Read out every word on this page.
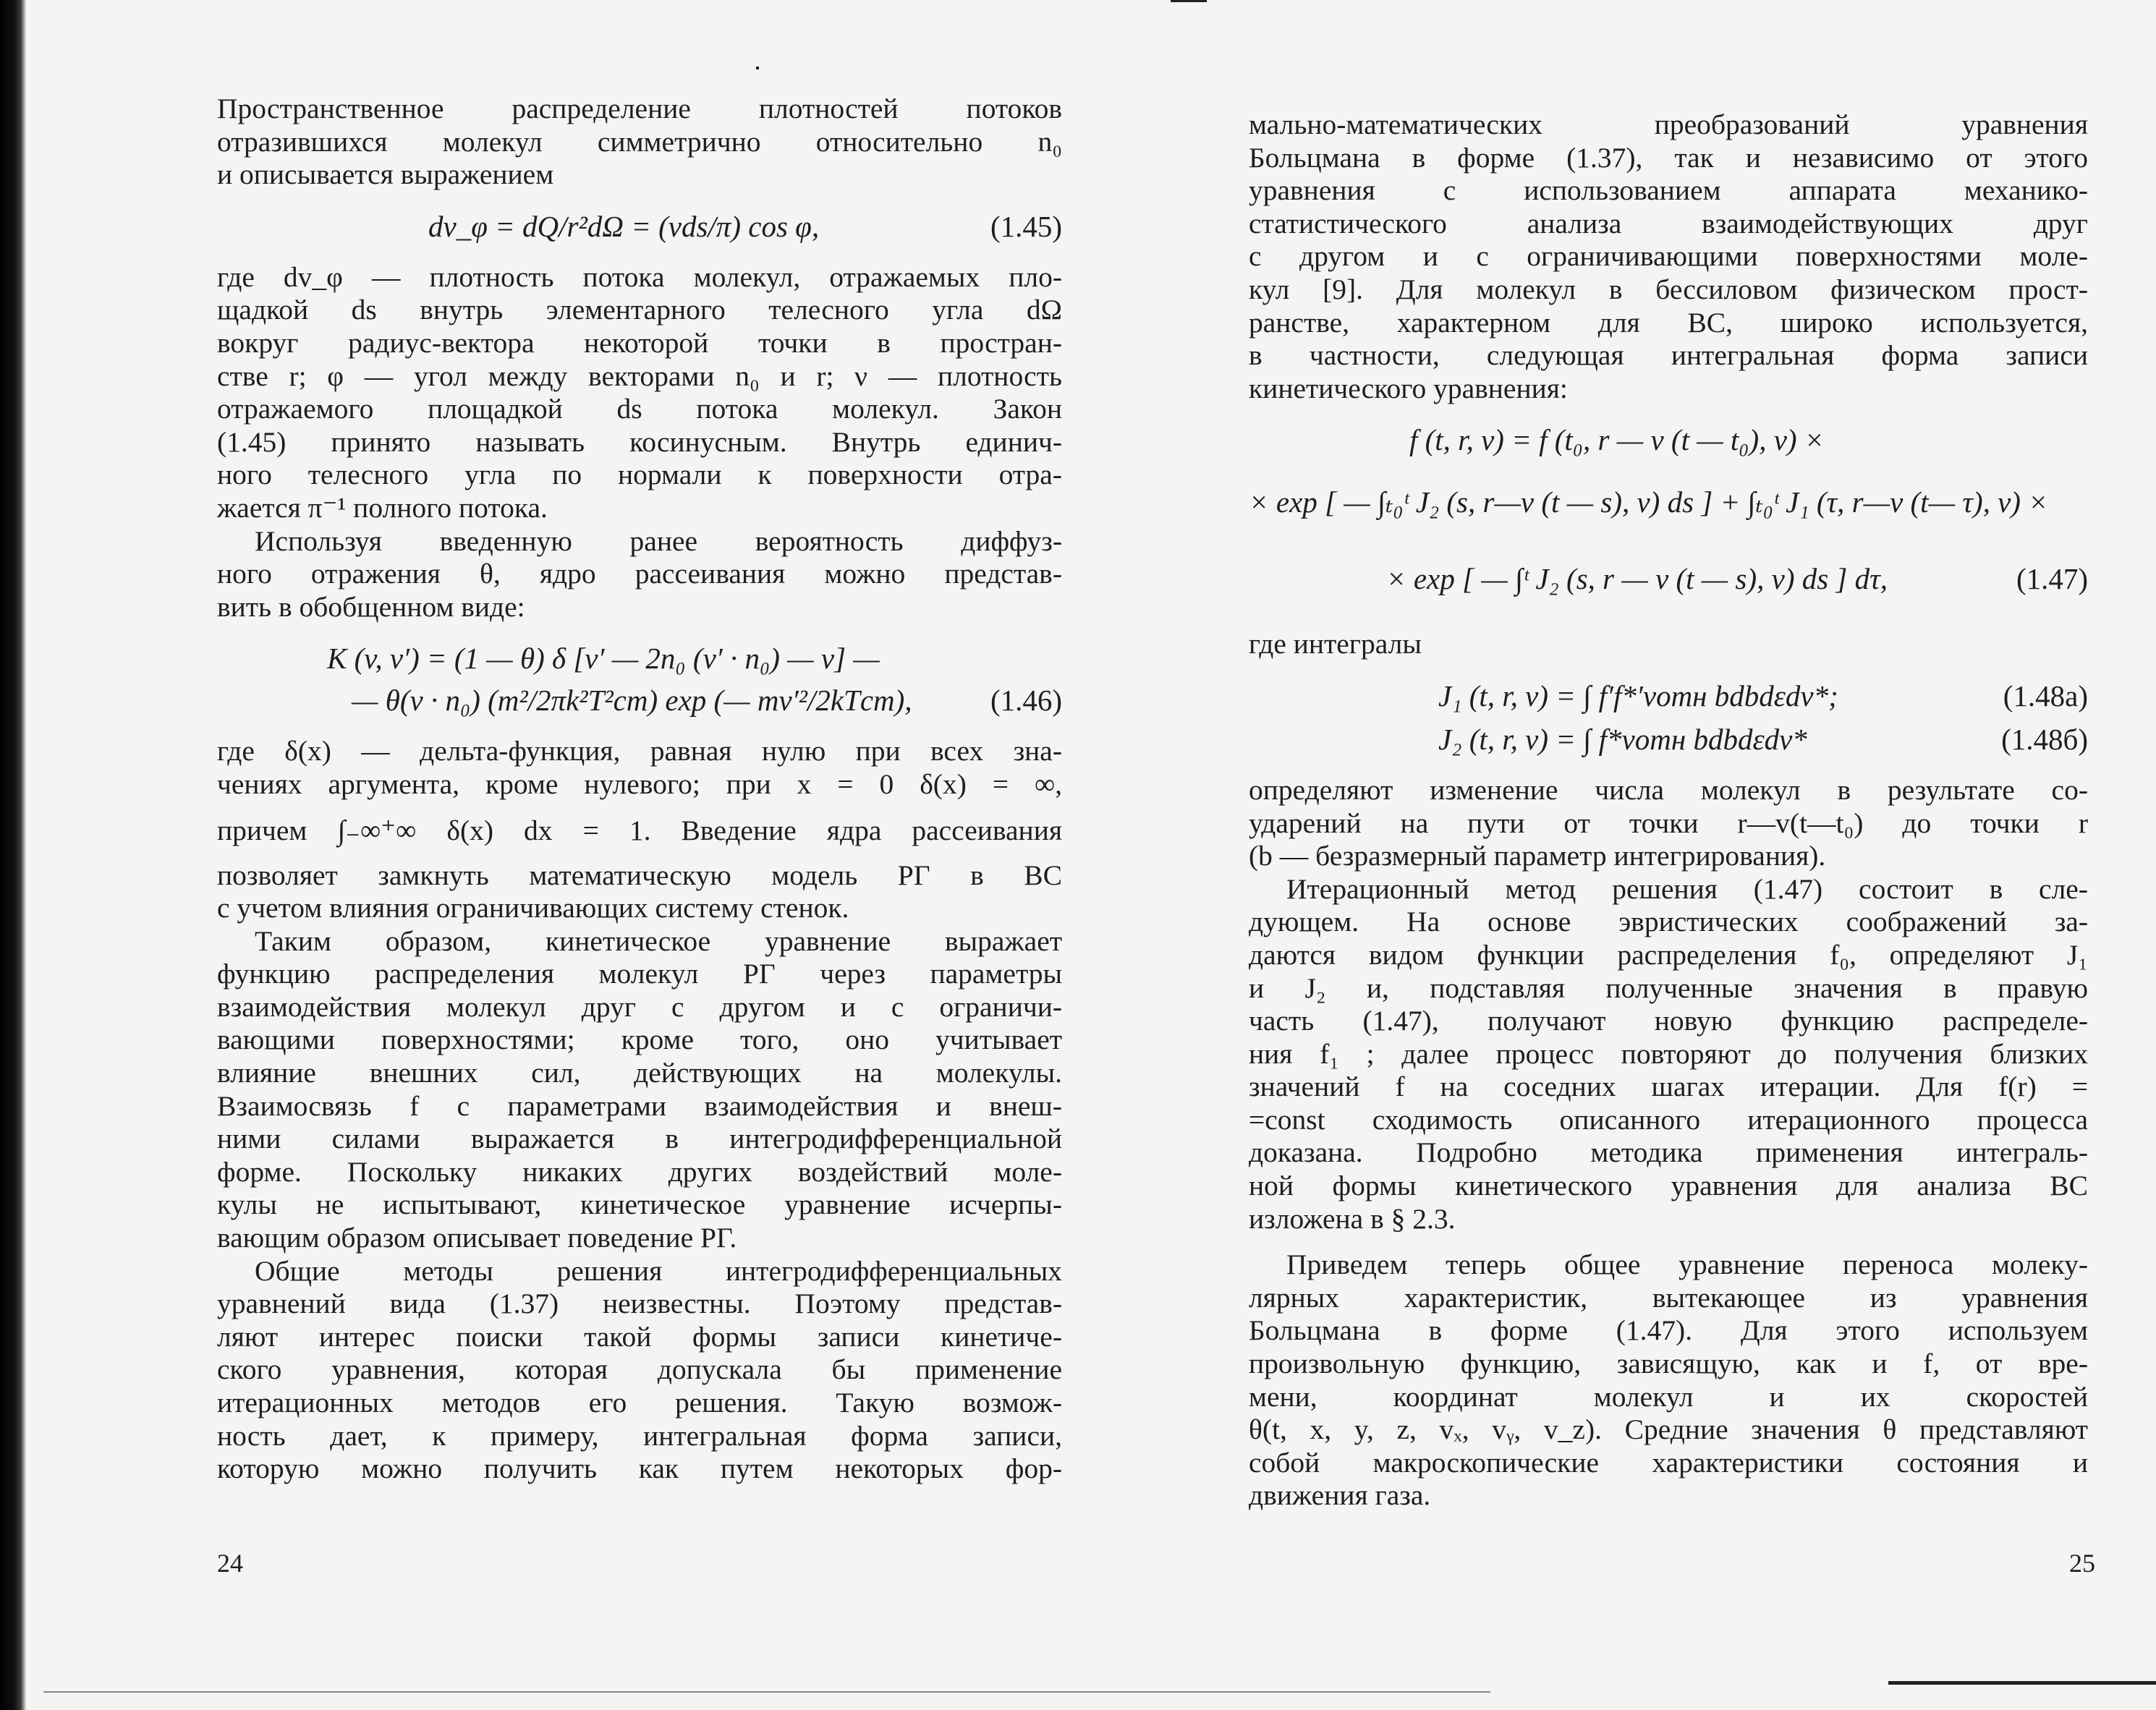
Пространственное распределение плотностей потоков
отразившихся молекул симметрично относительно n₀
и описывается выражением
dv_φ = dQ/r²dΩ = (vds/π) cos φ,	(1.45)
где dv_φ — плотность потока молекул, отражаемых пло-
щадкой ds внутрь элементарного телесного угла dΩ
вокруг радиус-вектора некоторой точки в простран-
стве r; φ — угол между векторами n₀ и r; ν — плотность
отражаемого площадкой ds потока молекул. Закон
(1.45) принято называть косинусным. Внутрь единич-
ного телесного угла по нормали к поверхности отра-
жается π⁻¹ полного потока.
Используя введенную ранее вероятность диффуз-
ного отражения θ, ядро рассеивания можно представ-
вить в обобщенном виде:
K (v, v′) = (1 — θ) δ [v′ — 2n₀ (v′ · n₀) — v] —
— θ(v · n₀) (m²/2πk²T²ст) exp (— mv′²/2kTст),	(1.46)
где δ(x) — дельта-функция, равная нулю при всех зна-
чениях аргумента, кроме нулевого; при x = 0 δ(x) = ∞,
причем ∫₋∞⁺∞ δ(x) dx = 1. Введение ядра рассеивания
позволяет замкнуть математическую модель РГ в ВС
с учетом влияния ограничивающих систему стенок.
Таким образом, кинетическое уравнение выражает
функцию распределения молекул РГ через параметры
взаимодействия молекул друг с другом и с ограничи-
вающими поверхностями; кроме того, оно учитывает
влияние внешних сил, действующих на молекулы.
Взаимосвязь f с параметрами взаимодействия и внеш-
ними силами выражается в интегродифференциальной
форме. Поскольку никаких других воздействий моле-
кулы не испытывают, кинетическое уравнение исчерпы-
вающим образом описывает поведение РГ.
Общие методы решения интегродифференциальных
уравнений вида (1.37) неизвестны. Поэтому представ-
ляют интерес поиски такой формы записи кинетиче-
ского уравнения, которая допускала бы применение
итерационных методов его решения. Такую возмож-
ность дает, к примеру, интегральная форма записи,
которую можно получить как путем некоторых фор-
24
мально-математических преобразований уравнения
Больцмана в форме (1.37), так и независимо от этого
уравнения с использованием аппарата механико-
статистического анализа взаимодействующих друг
с другом и с ограничивающими поверхностями моле-
кул [9]. Для молекул в бессиловом физическом прост-
ранстве, характерном для ВС, широко используется,
в частности, следующая интегральная форма записи
кинетического уравнения:
f (t, r, v) = f (t₀, r — v (t — t₀), v) ×
× exp [ — ∫ₜ₀ᵗ J₂ (s, r—v (t — s), v) ds ] + ∫ₜ₀ᵗ J₁ (τ, r—v (t— τ), v) ×
× exp [ — ∫ᵗ J₂ (s, r — v (t — s), v) ds ] dτ,	(1.47)
где интегралы
J₁ (t, r, v) = ∫ f′f*′vотн bdbdεdv*;	(1.48а)
J₂ (t, r, v) = ∫ f*vотн bdbdεdv*	(1.48б)
определяют изменение числа молекул в результате со-
ударений на пути от точки r—v(t—t₀) до точки r
(b — безразмерный параметр интегрирования).
Итерационный метод решения (1.47) состоит в сле-
дующем. На основе эвристических соображений за-
даются видом функции распределения f₀, определяют J₁
и J₂ и, подставляя полученные значения в правую
часть (1.47), получают новую функцию распределе-
ния f₁ ; далее процесс повторяют до получения близких
значений f на соседних шагах итерации. Для f(r) =
=const сходимость описанного итерационного процесса
доказана. Подробно методика применения интеграль-
ной формы кинетического уравнения для анализа ВС
изложена в § 2.3.
Приведем теперь общее уравнение переноса молеку-
лярных характеристик, вытекающее из уравнения
Больцмана в форме (1.47). Для этого используем
произвольную функцию, зависящую, как и f, от вре-
мени, координат молекул и их скоростей
θ(t, x, y, z, vₓ, vᵧ, v_z). Средние значения θ представляют
собой макроскопические характеристики состояния и
движения газа.
25
